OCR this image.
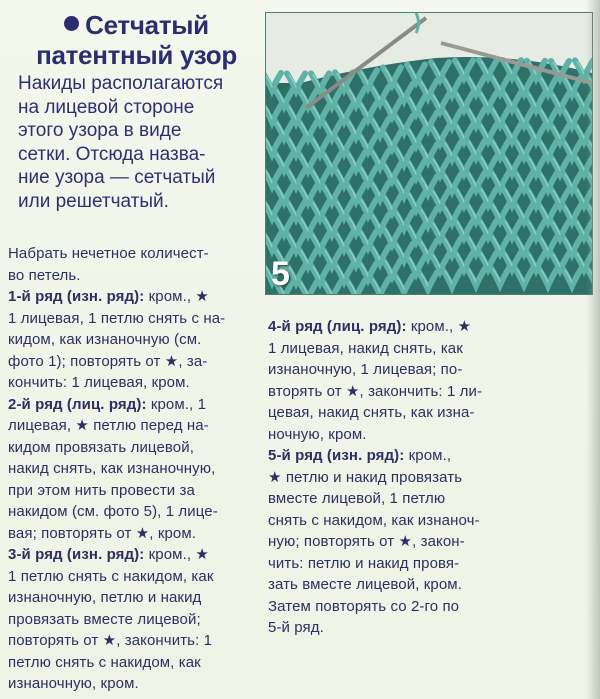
Сетчатый
патентный узор
Накиды располагаются
на лицевой стороне
этого узора в виде
сетки. Отсюда назва-
ние узора — сетчатый
или решетчатый.
5
Набрать нечетное количест-
во петель.
1-й ряд (изн. ряд): кром., ★
1 лицевая, 1 петлю снять с на-
кидом, как изнаночную (см.
фото 1); повторять от ★, за-
кончить: 1 лицевая, кром.
2-й ряд (лиц. ряд): кром., 1
лицевая, ★ петлю перед на-
кидом провязать лицевой,
накид снять, как изнаночную,
при этом нить провести за
накидом (см. фото 5), 1 лице-
вая; повторять от ★, кром.
3-й ряд (изн. ряд): кром., ★
1 петлю снять с накидом, как
изнаночную, петлю и накид
провязать вместе лицевой;
повторять от ★, закончить: 1
петлю снять с накидом, как
изнаночную, кром.
4-й ряд (лиц. ряд): кром., ★
1 лицевая, накид снять, как
изнаночную, 1 лицевая; по-
вторять от ★, закончить: 1 ли-
цевая, накид снять, как изна-
ночную, кром.
5-й ряд (изн. ряд): кром.,
★ петлю и накид провязать
вместе лицевой, 1 петлю
снять с накидом, как изнаноч-
ную; повторять от ★, закон-
чить: петлю и накид провя-
зать вместе лицевой, кром.
Затем повторять со 2-го по
5-й ряд.
